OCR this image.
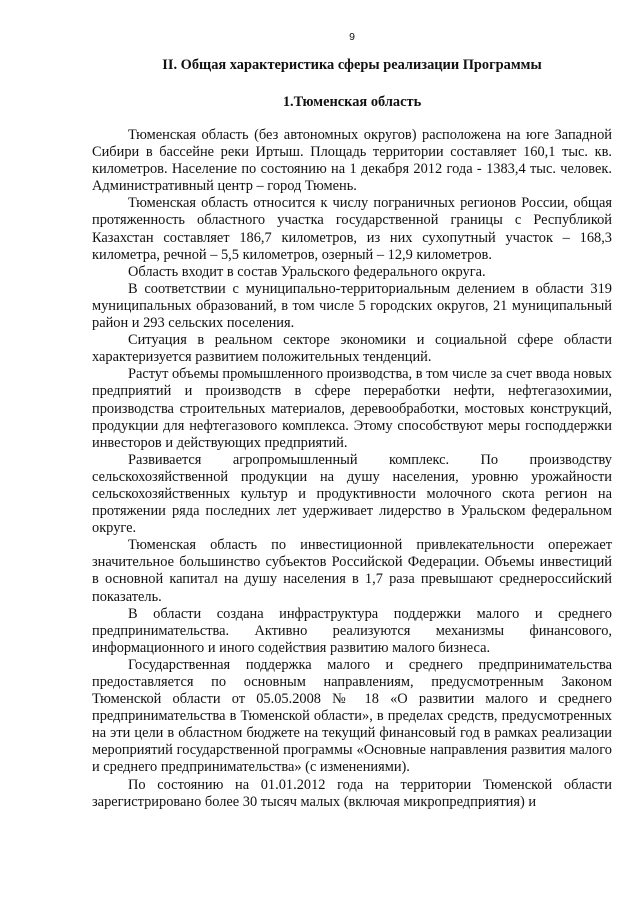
9
II. Общая характеристика сферы реализации Программы
1.Тюменская область

Тюменская область (без автономных округов) расположена на юге Западной Сибири в бассейне реки Иртыш. Площадь территории составляет 160,1 тыс. кв. километров. Население по состоянию на 1 декабря 2012 года - 1383,4 тыс. человек. Административный центр – город Тюмень.

Тюменская область относится к числу пограничных регионов России, общая протяженность областного участка государственной границы с Республикой Казахстан составляет 186,7 километров, из них сухопутный участок – 168,3 километра, речной – 5,5 километров, озерный – 12,9 километров.

Область входит в состав Уральского федерального округа.

В соответствии с муниципально-территориальным делением в области 319 муниципальных образований, в том числе 5 городских округов, 21 муниципальный район и 293 сельских поселения.

Ситуация в реальном секторе экономики и социальной сфере области характеризуется развитием положительных тенденций.

Растут объемы промышленного производства, в том числе за счет ввода новых предприятий и производств в сфере переработки нефти, нефтегазохимии, производства строительных материалов, деревообработки, мостовых конструкций, продукции для нефтегазового комплекса. Этому способствуют меры господдержки инвесторов и действующих предприятий.

Развивается агропромышленный комплекс. По производству сельскохозяйственной продукции на душу населения, уровню урожайности сельскохозяйственных культур и продуктивности молочного скота регион на протяжении ряда последних лет удерживает лидерство в Уральском федеральном округе.

Тюменская область по инвестиционной привлекательности опережает значительное большинство субъектов Российской Федерации. Объемы инвестиций в основной капитал на душу населения в 1,7 раза превышают среднероссийский показатель.

В области создана инфраструктура поддержки малого и среднего предпринимательства. Активно реализуются механизмы финансового, информационного и иного содействия развитию малого бизнеса.

Государственная поддержка малого и среднего предпринимательства предоставляется по основным направлениям, предусмотренным Законом Тюменской области от 05.05.2008 № 18 «О развитии малого и среднего предпринимательства в Тюменской области», в пределах средств, предусмотренных на эти цели в областном бюджете на текущий финансовый год в рамках реализации мероприятий государственной программы «Основные направления развития малого и среднего предпринимательства» (с изменениями).

По состоянию на 01.01.2012 года на территории Тюменской области зарегистрировано более 30 тысяч малых (включая микропредприятия) и
